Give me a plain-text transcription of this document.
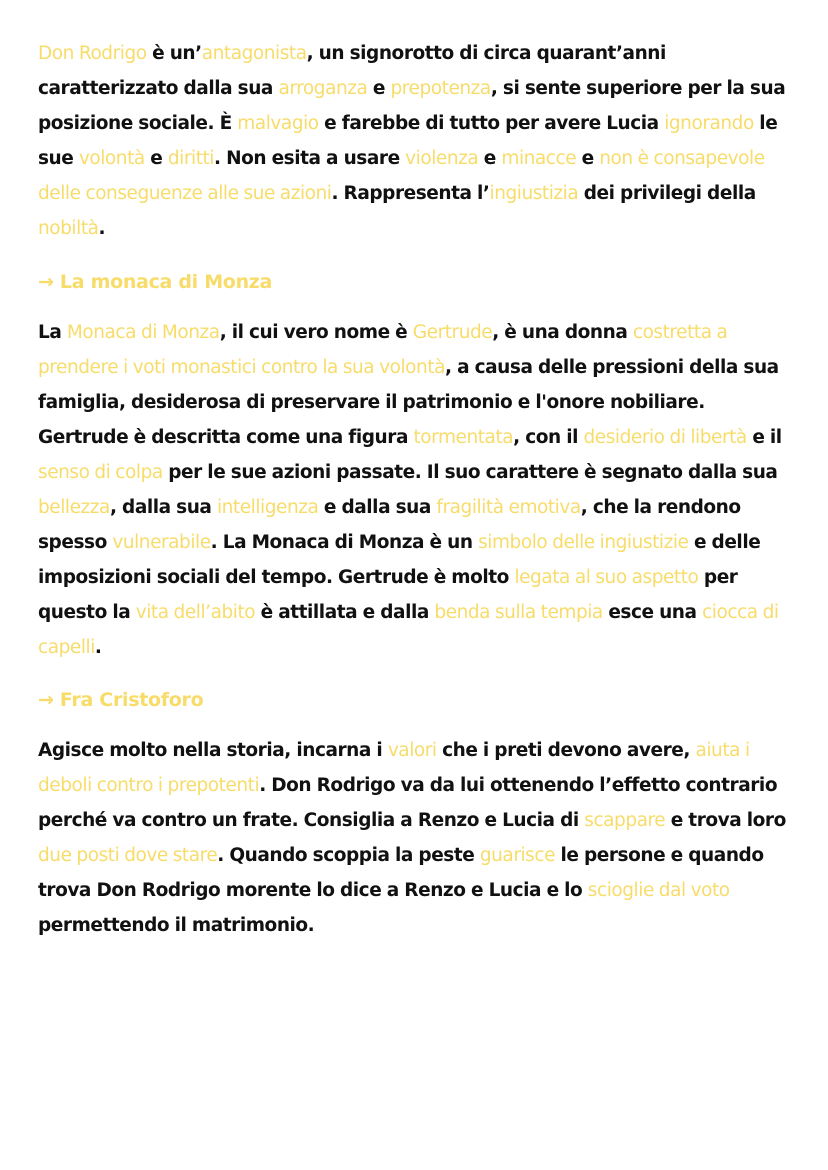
Don Rodrigo è un’antagonista, un signorotto di circa quarant’anni caratterizzato dalla sua arroganza e prepotenza, si sente superiore per la sua posizione sociale. È malvagio e farebbe di tutto per avere Lucia ignorando le sue volontà e diritti. Non esita a usare violenza e minacce e non è consapevole delle conseguenze alle sue azioni. Rappresenta l’ingiustizia dei privilegi della nobiltà.

→ La monaca di Monza

La Monaca di Monza, il cui vero nome è Gertrude, è una donna costretta a prendere i voti monastici contro la sua volontà, a causa delle pressioni della sua famiglia, desiderosa di preservare il patrimonio e l'onore nobiliare. Gertrude è descritta come una figura tormentata, con il desiderio di libertà e il senso di colpa per le sue azioni passate. Il suo carattere è segnato dalla sua bellezza, dalla sua intelligenza e dalla sua fragilità emotiva, che la rendono spesso vulnerabile. La Monaca di Monza è un simbolo delle ingiustizie e delle imposizioni sociali del tempo. Gertrude è molto legata al suo aspetto per questo la vita dell’abito è attillata e dalla benda sulla tempia esce una ciocca di capelli.

→ Fra Cristoforo

Agisce molto nella storia, incarna i valori che i preti devono avere, aiuta i deboli contro i prepotenti. Don Rodrigo va da lui ottenendo l’effetto contrario perché va contro un frate. Consiglia a Renzo e Lucia di scappare e trova loro due posti dove stare. Quando scoppia la peste guarisce le persone e quando trova Don Rodrigo morente lo dice a Renzo e Lucia e lo scioglie dal voto permettendo il matrimonio.
